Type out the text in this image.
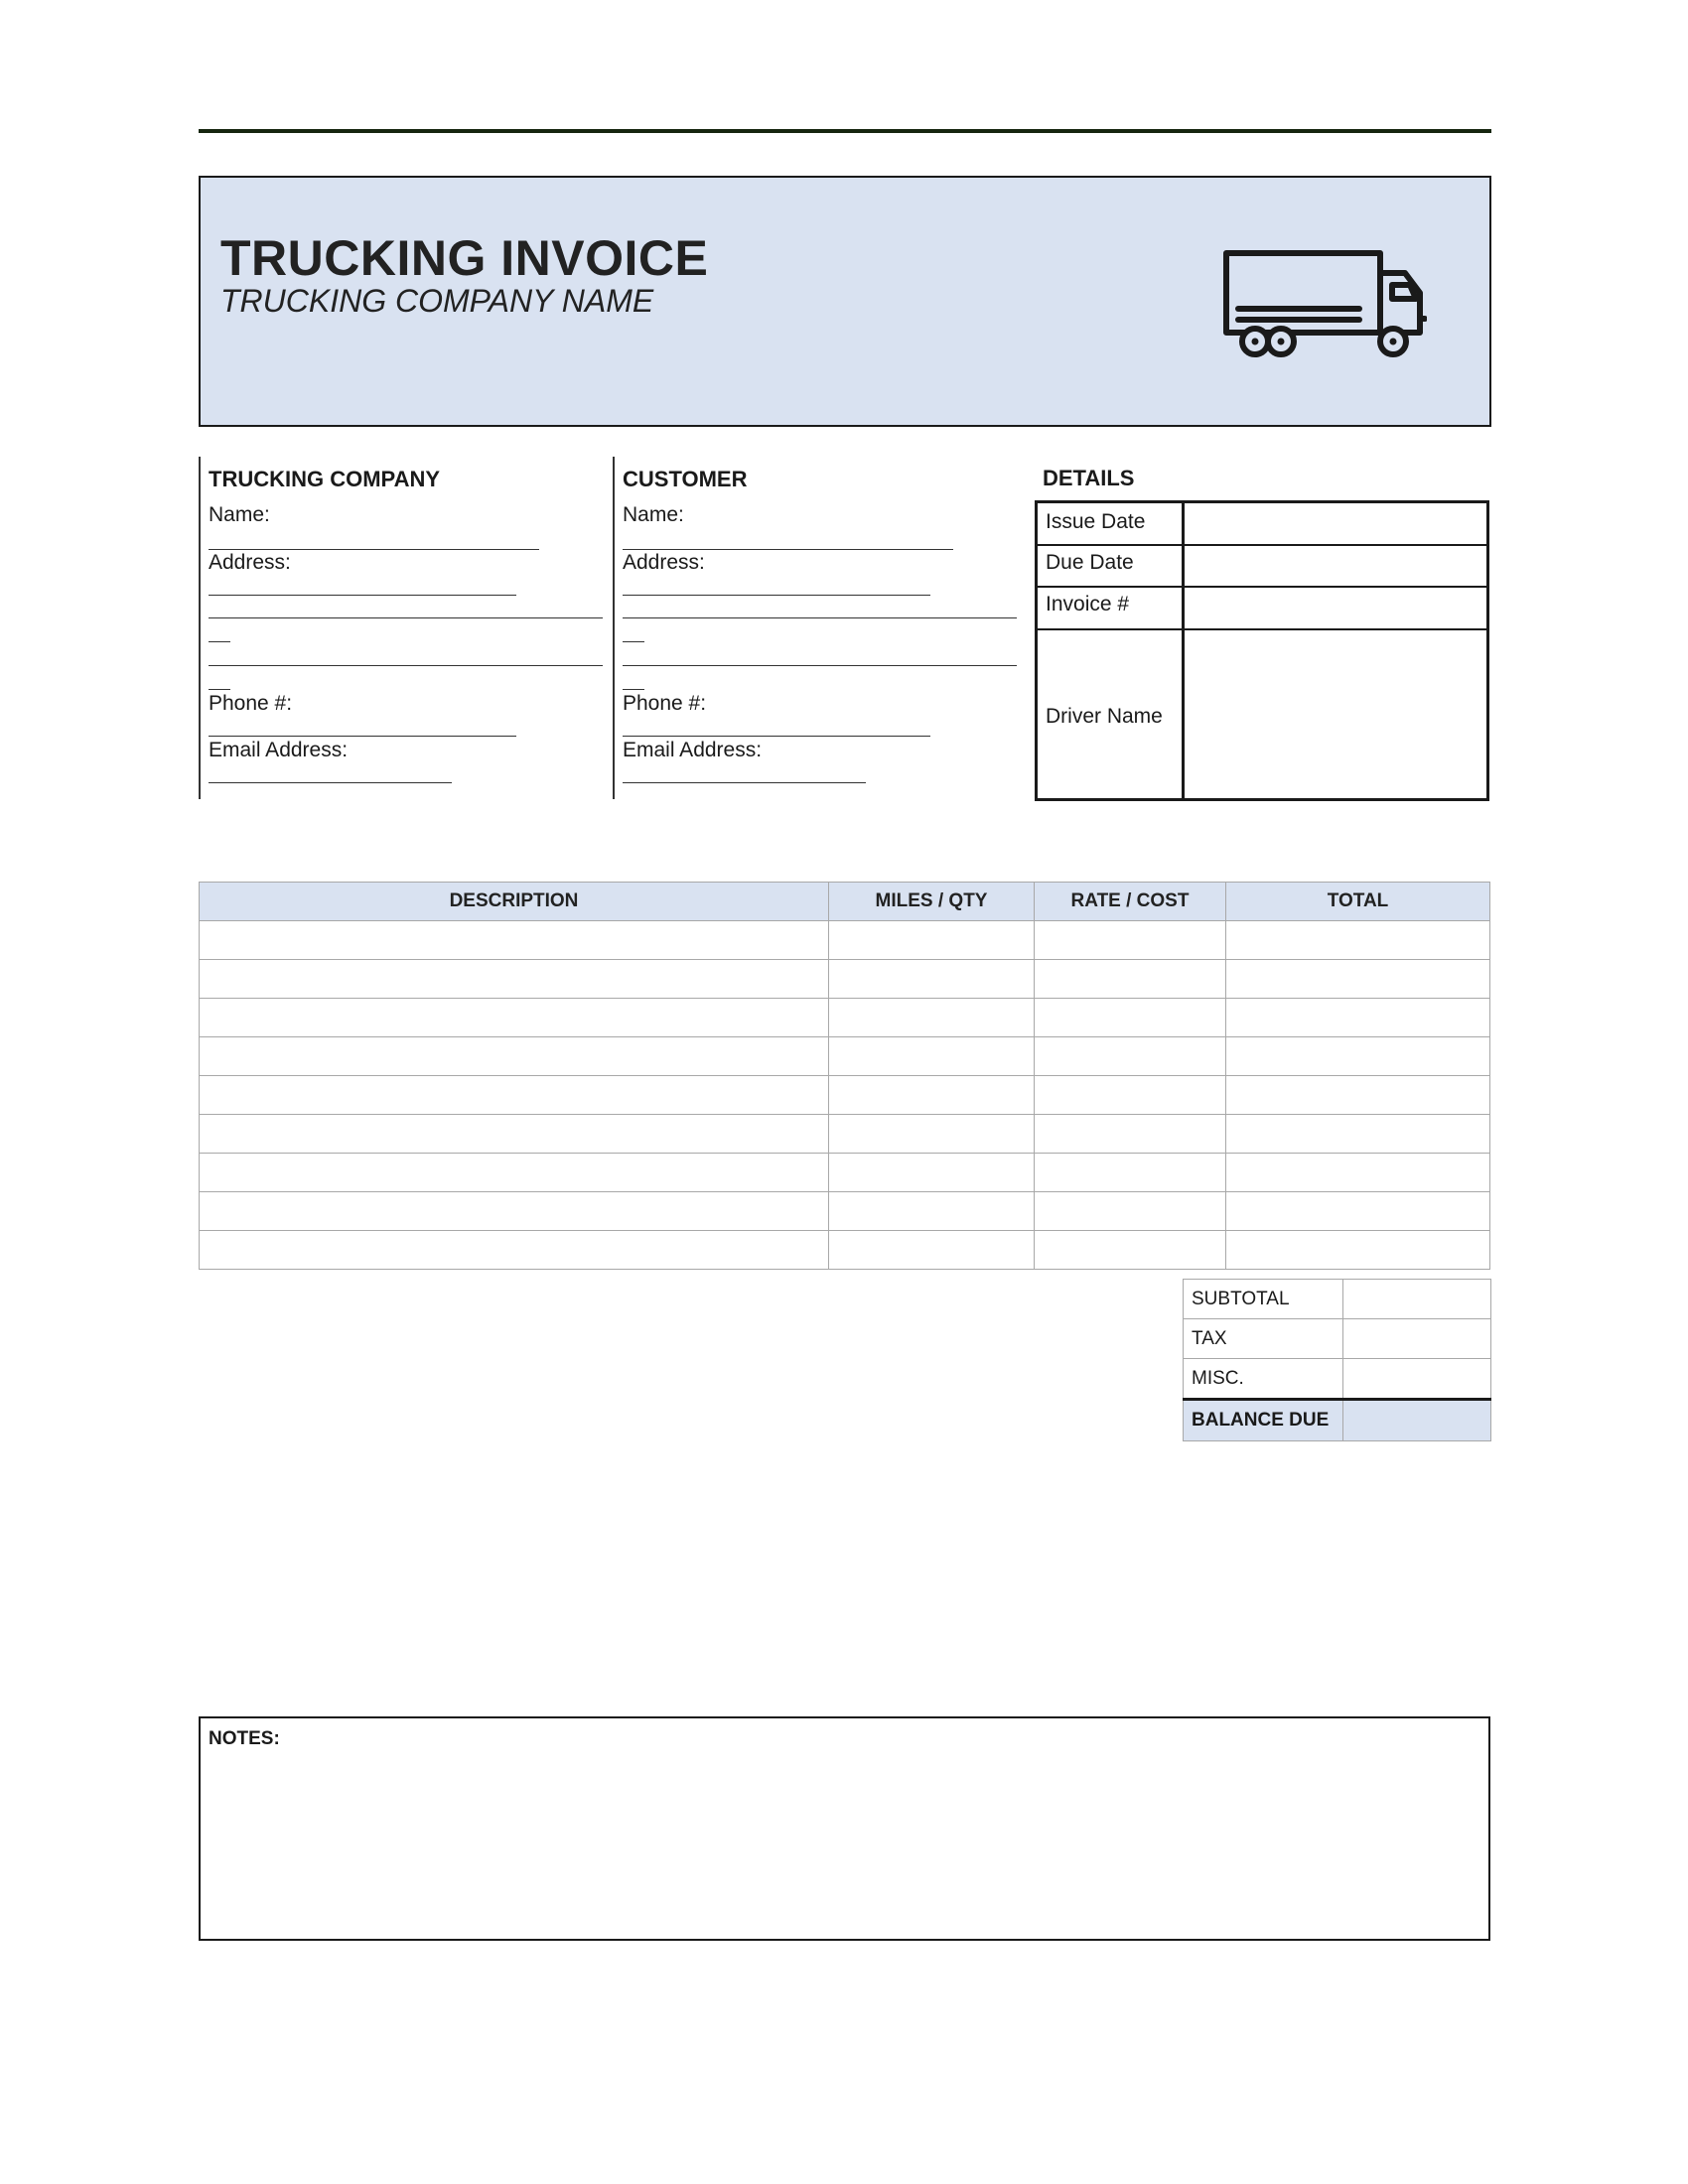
TRUCKING INVOICE
TRUCKING COMPANY NAME
TRUCKING COMPANY
Name:
Address:
Phone #:
Email Address:
CUSTOMER
Name:
Address:
Phone #:
Email Address:
DETAILS
Issue Date
Due Date
Invoice #
Driver Name
DESCRIPTION	MILES / QTY	RATE / COST	TOTAL

SUBTOTAL	
TAX	
MISC.	
BALANCE DUE	
NOTES:
